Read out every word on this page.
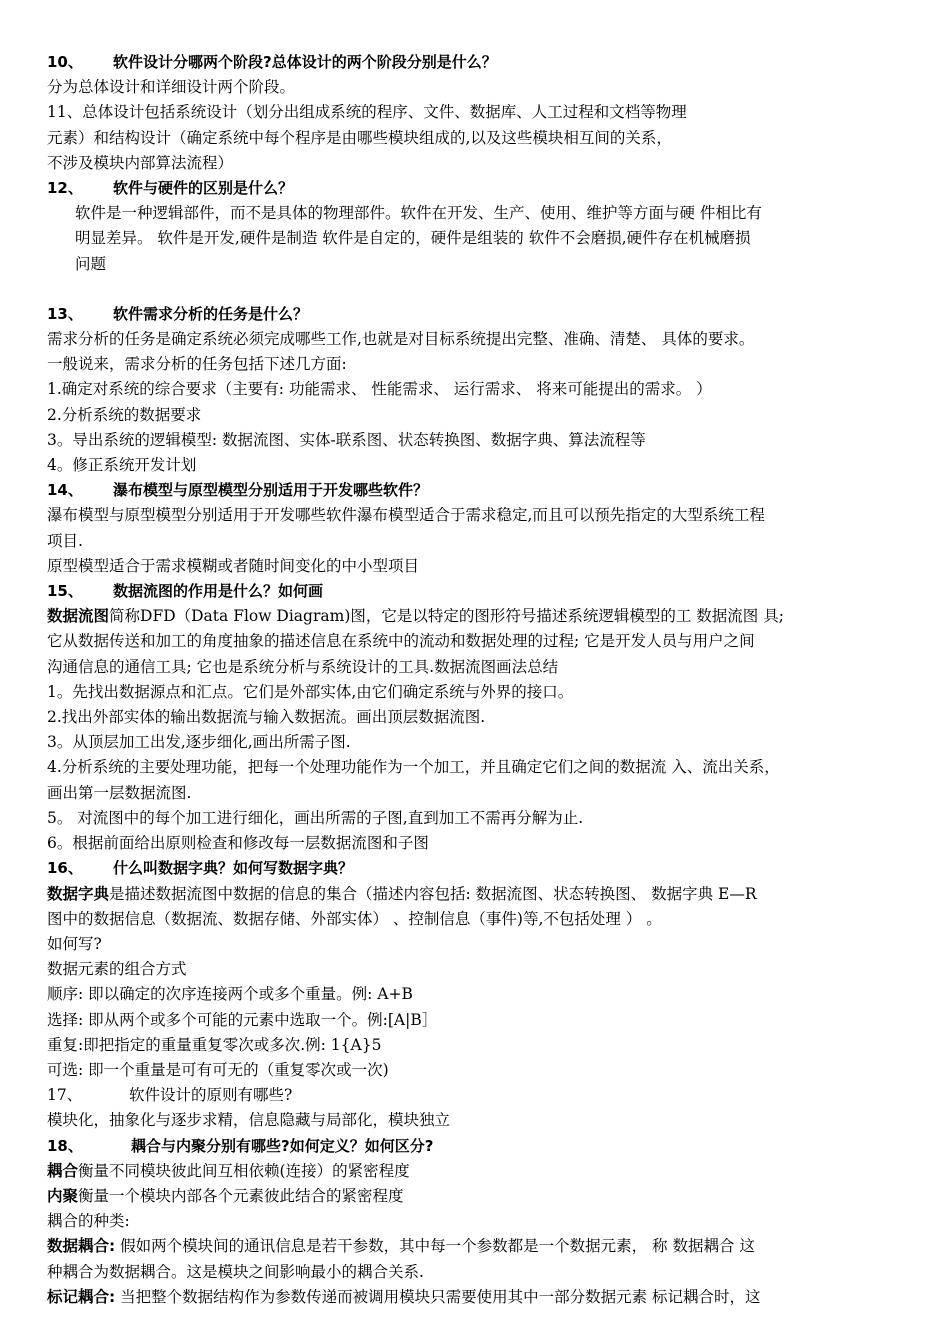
10、 软件设计分哪两个阶段?总体设计的两个阶段分别是什么？
分为总体设计和详细设计两个阶段。
11、总体设计包括系统设计（划分出组成系统的程序、文件、数据库、人工过程和文档等物理
元素）和结构设计（确定系统中每个程序是由哪些模块组成的,以及这些模块相互间的关系，
不涉及模块内部算法流程）
12、 软件与硬件的区别是什么？
软件是一种逻辑部件，而不是具体的物理部件。软件在开发、生产、使用、维护等方面与硬 件相比有
明显差异。 软件是开发,硬件是制造 软件是自定的，硬件是组装的 软件不会磨损,硬件存在机械磨损
问题
13、 软件需求分析的任务是什么？
需求分析的任务是确定系统必须完成哪些工作,也就是对目标系统提出完整、准确、清楚、 具体的要求。
一般说来，需求分析的任务包括下述几方面:
1.确定对系统的综合要求（主要有: 功能需求、 性能需求、 运行需求、 将来可能提出的需求。 ）
2.分析系统的数据要求
3。导出系统的逻辑模型: 数据流图、实体-联系图、状态转换图、数据字典、算法流程等
4。修正系统开发计划
14、 瀑布模型与原型模型分别适用于开发哪些软件？
瀑布模型与原型模型分别适用于开发哪些软件瀑布模型适合于需求稳定,而且可以预先指定的大型系统工程
项目.
原型模型适合于需求模糊或者随时间变化的中小型项目
15、 数据流图的作用是什么？如何画
数据流图简称DFD（Data Flow Diagram)图，它是以特定的图形符号描述系统逻辑模型的工 数据流图 具;
它从数据传送和加工的角度抽象的描述信息在系统中的流动和数据处理的过程; 它是开发人员与用户之间
沟通信息的通信工具; 它也是系统分析与系统设计的工具.数据流图画法总结
1。先找出数据源点和汇点。它们是外部实体,由它们确定系统与外界的接口。
2.找出外部实体的输出数据流与输入数据流。画出顶层数据流图.
3。从顶层加工出发,逐步细化,画出所需子图.
4.分析系统的主要处理功能，把每一个处理功能作为一个加工，并且确定它们之间的数据流 入、流出关系，
画出第一层数据流图.
5。 对流图中的每个加工进行细化，画出所需的子图,直到加工不需再分解为止.
6。根据前面给出原则检查和修改每一层数据流图和子图
16、 什么叫数据字典？如何写数据字典？
数据字典是描述数据流图中数据的信息的集合（描述内容包括: 数据流图、状态转换图、 数据字典 E—R
图中的数据信息（数据流、数据存储、外部实体） 、控制信息（事件)等,不包括处理 ） 。
如何写?
数据元素的组合方式
顺序: 即以确定的次序连接两个或多个重量。例: A+B
选择: 即从两个或多个可能的元素中选取一个。例:[A|B］
重复:即把指定的重量重复零次或多次.例: 1{A}5
可选: 即一个重量是可有可无的（重复零次或一次)
17、	软件设计的原则有哪些?
模块化，抽象化与逐步求精，信息隐藏与局部化，模块独立
18、	耦合与内聚分别有哪些?如何定义？如何区分?
耦合衡量不同模块彼此间互相依赖(连接）的紧密程度
内聚衡量一个模块内部各个元素彼此结合的紧密程度
耦合的种类:
数据耦合: 假如两个模块间的通讯信息是若干参数，其中每一个参数都是一个数据元素， 称 数据耦合 这
种耦合为数据耦合。这是模块之间影响最小的耦合关系.
标记耦合: 当把整个数据结构作为参数传递而被调用模块只需要使用其中一部分数据元素 标记耦合时，这
